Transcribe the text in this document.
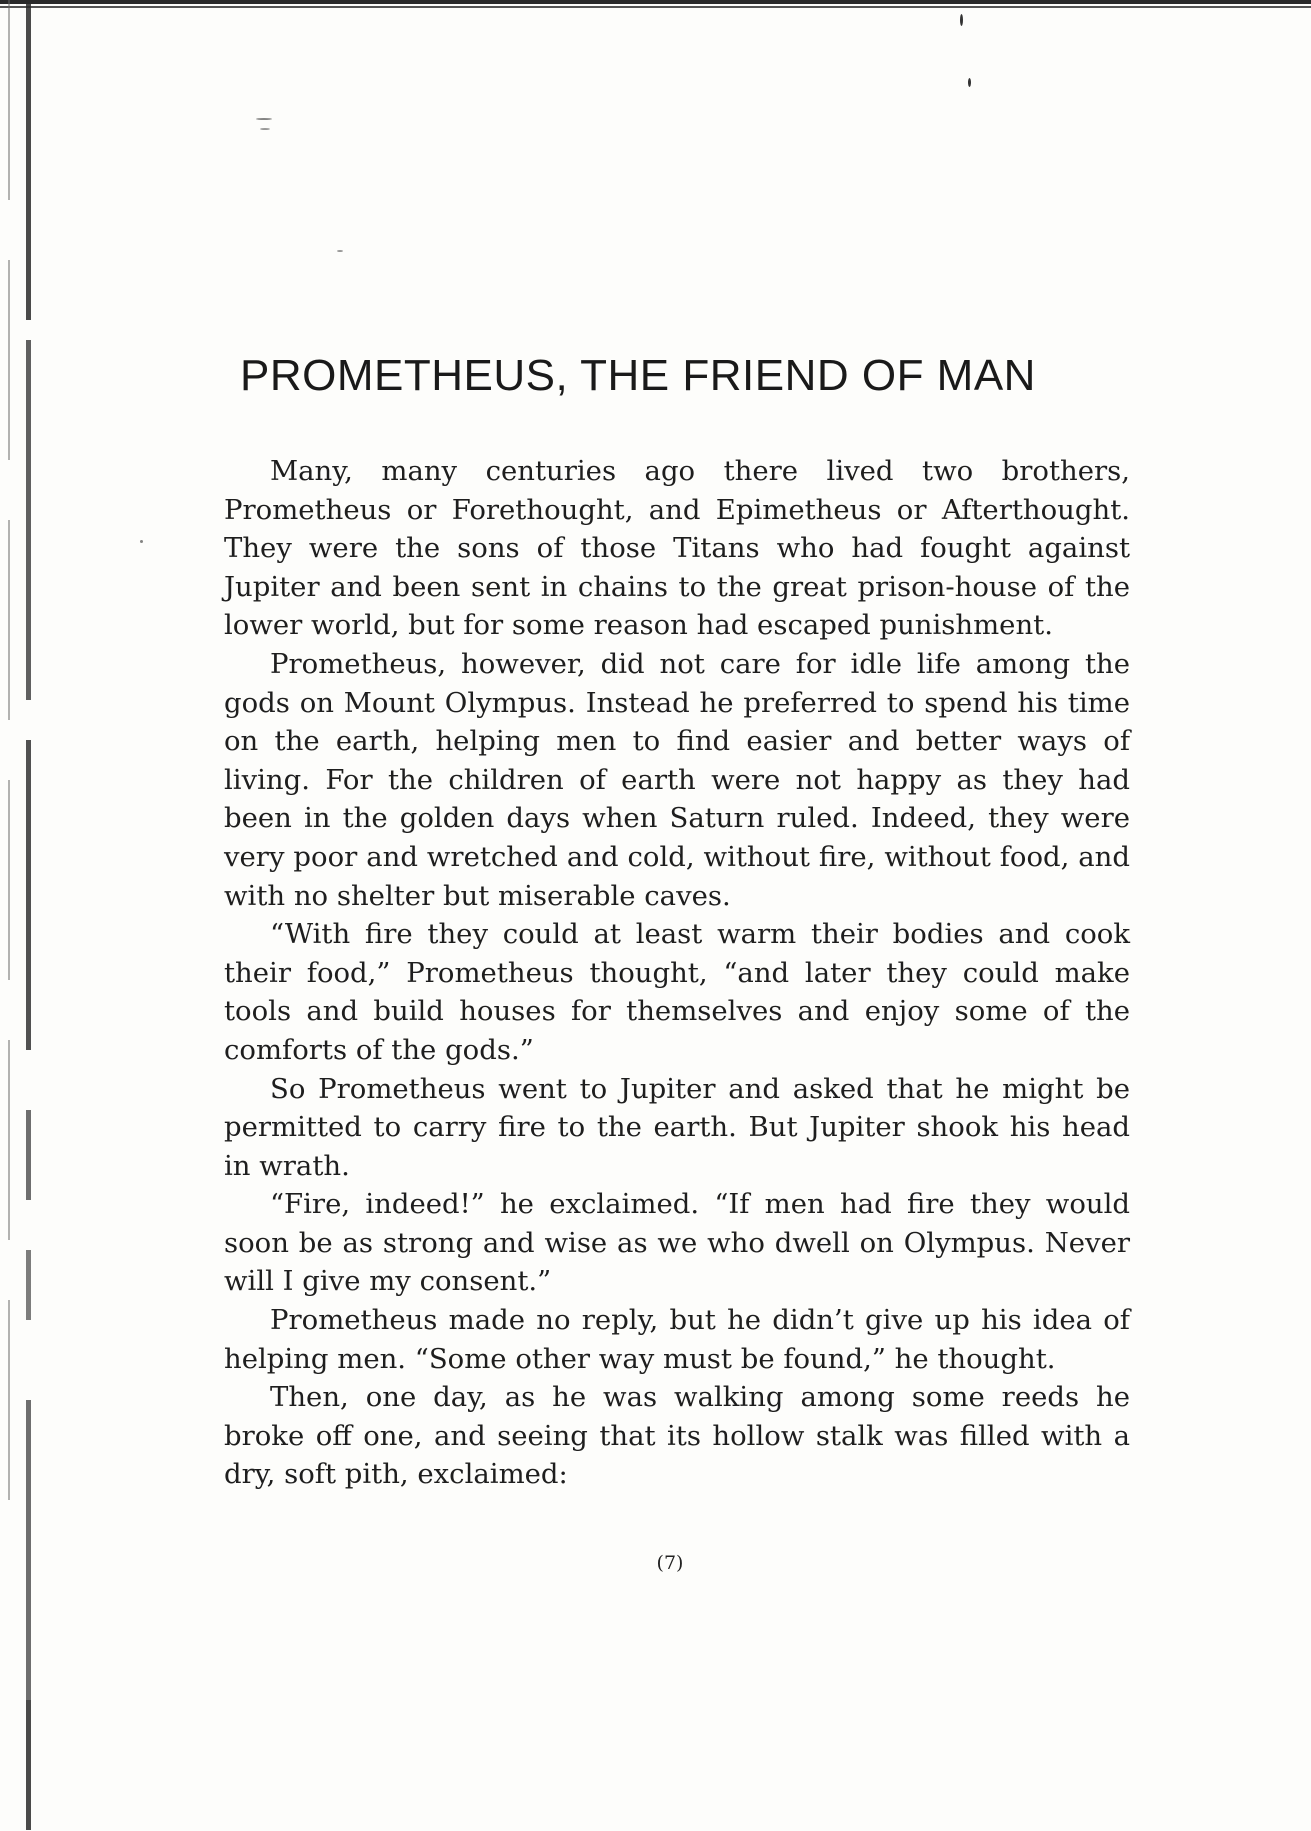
PROMETHEUS, THE FRIEND OF MAN

Many, many centuries ago there lived two brothers, Prometheus or Forethought, and Epimetheus or Afterthought. They were the sons of those Titans who had fought against Jupiter and been sent in chains to the great prison-house of the lower world, but for some reason had escaped punishment.

Prometheus, however, did not care for idle life among the gods on Mount Olympus. Instead he preferred to spend his time on the earth, helping men to find easier and better ways of living. For the children of earth were not happy as they had been in the golden days when Saturn ruled. Indeed, they were very poor and wretched and cold, without fire, without food, and with no shelter but miserable caves.

“With fire they could at least warm their bodies and cook their food,” Prometheus thought, “and later they could make tools and build houses for themselves and enjoy some of the comforts of the gods.”

So Prometheus went to Jupiter and asked that he might be permitted to carry fire to the earth. But Jupiter shook his head in wrath.

“Fire, indeed!” he exclaimed. “If men had fire they would soon be as strong and wise as we who dwell on Olympus. Never will I give my consent.”

Prometheus made no reply, but he didn’t give up his idea of helping men. “Some other way must be found,” he thought.

Then, one day, as he was walking among some reeds he broke off one, and seeing that its hollow stalk was filled with a dry, soft pith, exclaimed:

(7)
